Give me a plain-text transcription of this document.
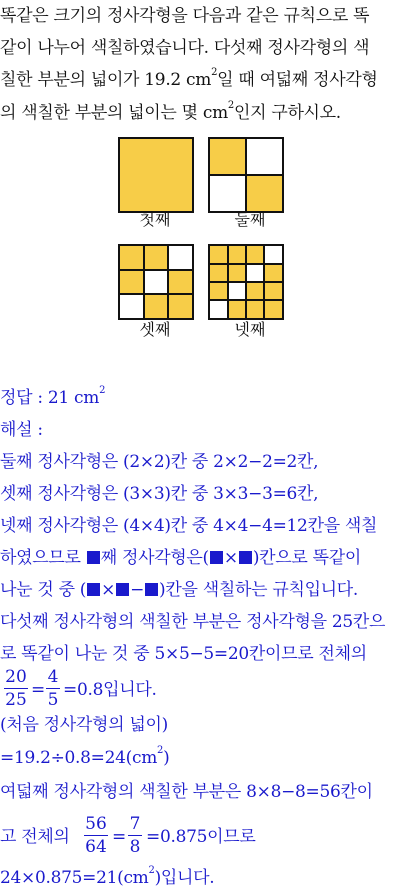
똑같은 크기의 정사각형을 다음과 같은 규칙으로 똑
같이 나누어 색칠하였습니다. 다섯째 정사각형의 색
칠한 부분의 넓이가 19.2 $cm^2$일 때 여덟째 정사각형
의 색칠한 부분의 넓이는 몇 $cm^2$인지 구하시오.
첫째	둘째
셋째	넷째
정답 : 21 $cm^2$
해설 :
둘째 정사각형은 (2×2)칸 중 2×2−2=2칸,
셋째 정사각형은 (3×3)칸 중 3×3−3=6칸,
넷째 정사각형은 (4×4)칸 중 4×4−4=12칸을 색칠
하였으므로 째 정사각형은( × )칸으로 똑같이
나눈 것 중 ( × − )칸을 색칠하는 규칙입니다.
다섯째 정사각형의 색칠한 부분은 정사각형을 25칸으
로 똑같이 나눈 것 중 5×5−5=20칸이므로 전체의
20
25 =
4
5 =0.8입니다.
(처음 정사각형의 넓이)
$=19.2\div 0.8=24(cm^2)$
여덟째 정사각형의 색칠한 부분은 8×8−8=56칸이
고 전체의
56
64 =
7
8 =0.875이므로
$24\times 0.875=21(cm^2)$입니다.
